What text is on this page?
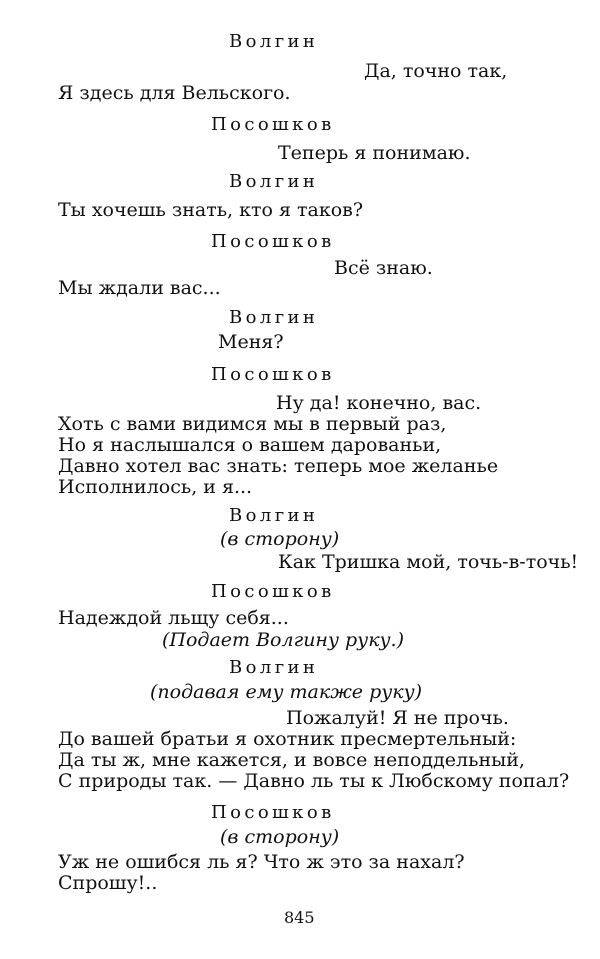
Волгин
Да, точно так,
Я здесь для Вельского.
Посошков
Теперь я понимаю.
Волгин
Ты хочешь знать, кто я таков?
Посошков
Всё знаю.
Мы ждали вас...
Волгин
Меня?
Посошков
Ну да! конечно, вас.
Хоть с вами видимся мы в первый раз,
Но я наслышался о вашем дарованьи,
Давно хотел вас знать: теперь мое желанье
Исполнилось, и я...
Волгин
(в сторону)
Как Тришка мой, точь-в-точь!
Посошков
Надеждой льщу себя...
(Подает Волгину руку.)
Волгин
(подавая ему также руку)
Пожалуй! Я не прочь.
До вашей братьи я охотник пресмертельный:
Да ты ж, мне кажется, и вовсе неподдельный,
С природы так. — Давно ль ты к Любскому попал?
Посошков
(в сторону)
Уж не ошибся ль я? Что ж это за нахал?
Спрошу!..
845
